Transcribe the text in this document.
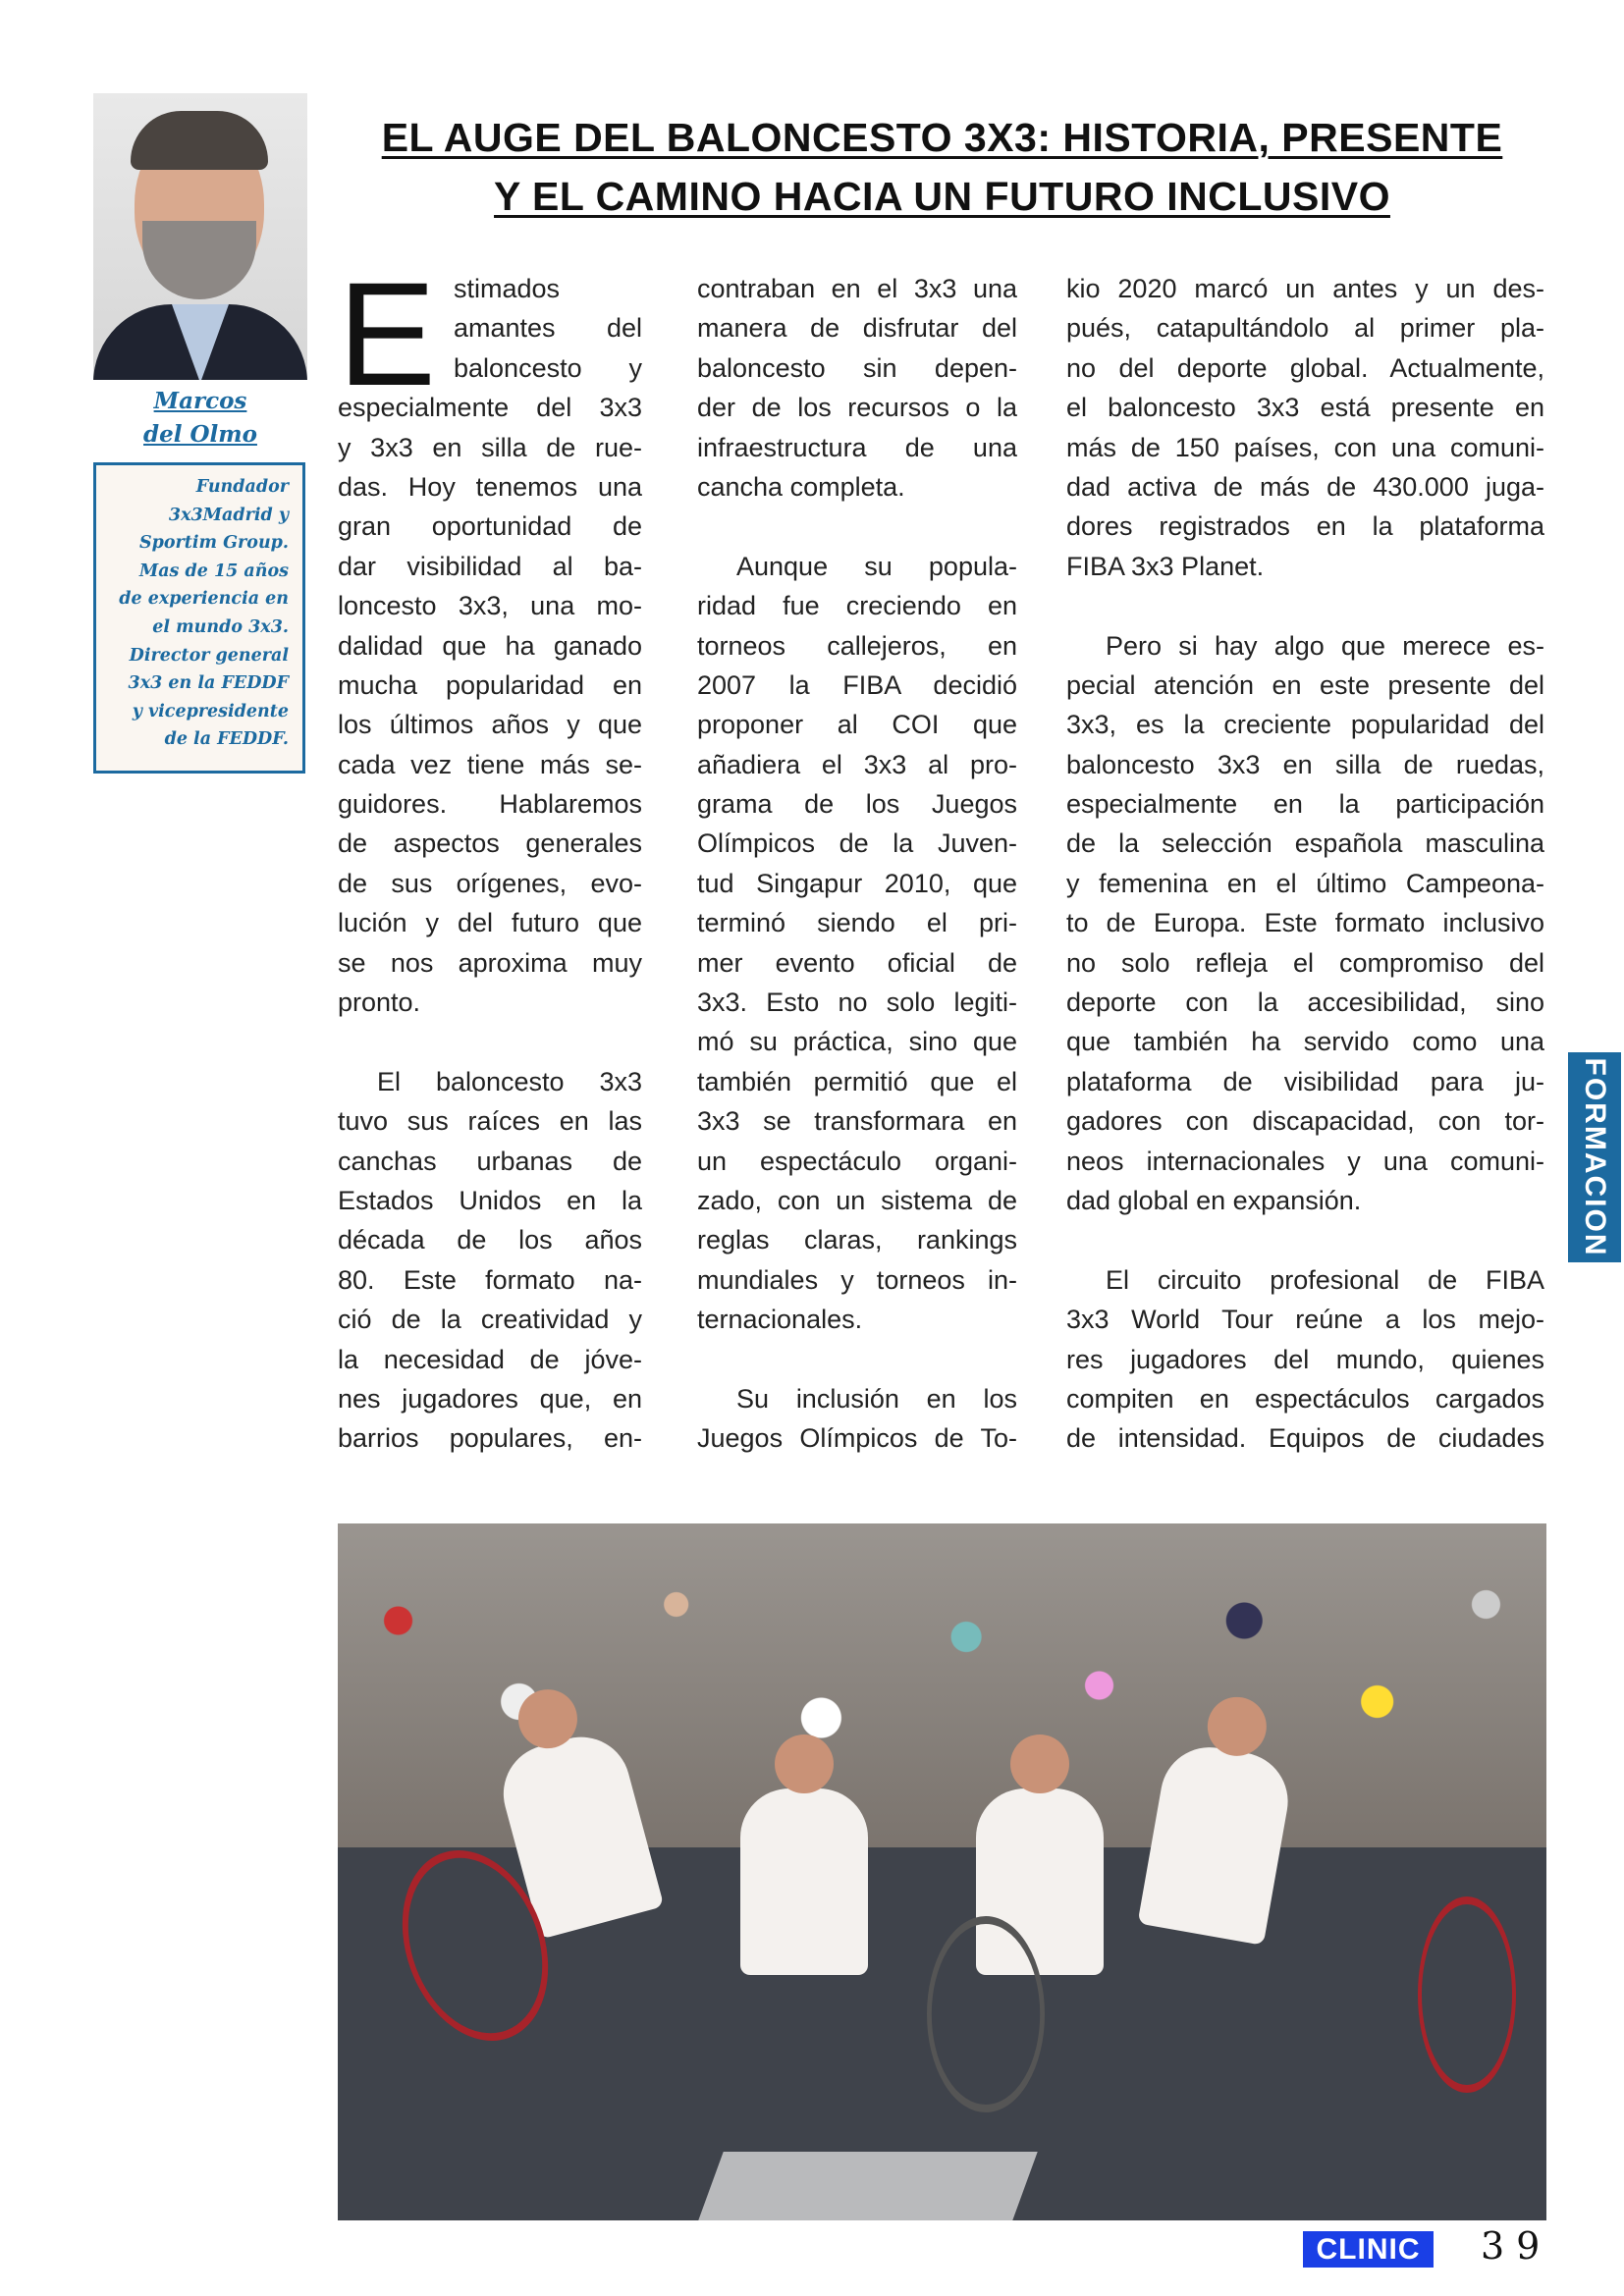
Marcos
del Olmo
Fundador
3x3Madrid y
Sportim Group.
Mas de 15 años
de experiencia en
el mundo 3x3.
Director general
3x3 en la FEDDF
y vicepresidente
de la FEDDF.
EL AUGE DEL BALONCESTO 3X3: HISTORIA, PRESENTE
Y EL CAMINO HACIA UN FUTURO INCLUSIVO
E stimados
amantes del
baloncesto y
especialmente del 3x3
y 3x3 en silla de rue-
das. Hoy tenemos una
gran oportunidad de
dar visibilidad al ba-
loncesto 3x3, una mo-
dalidad que ha ganado
mucha popularidad en
los últimos años y que
cada vez tiene más se-
guidores. Hablaremos
de aspectos generales
de sus orígenes, evo-
lución y del futuro que
se nos aproxima muy
pronto.
El baloncesto 3x3
tuvo sus raíces en las
canchas urbanas de
Estados Unidos en la
década de los años
80. Este formato na-
ció de la creatividad y
la necesidad de jóve-
nes jugadores que, en
barrios populares, en-
contraban en el 3x3 una
manera de disfrutar del
baloncesto sin depen-
der de los recursos o la
infraestructura de una
cancha completa.
Aunque su popula-
ridad fue creciendo en
torneos callejeros, en
2007 la FIBA decidió
proponer al COI que
añadiera el 3x3 al pro-
grama de los Juegos
Olímpicos de la Juven-
tud Singapur 2010, que
terminó siendo el pri-
mer evento oficial de
3x3. Esto no solo legiti-
mó su práctica, sino que
también permitió que el
3x3 se transformara en
un espectáculo organi-
zado, con un sistema de
reglas claras, rankings
mundiales y torneos in-
ternacionales.
Su inclusión en los
Juegos Olímpicos de To-
kio 2020 marcó un antes y un des-
pués, catapultándolo al primer pla-
no del deporte global. Actualmente,
el baloncesto 3x3 está presente en
más de 150 países, con una comuni-
dad activa de más de 430.000 juga-
dores registrados en la plataforma
FIBA 3x3 Planet.
Pero si hay algo que merece es-
pecial atención en este presente del
3x3, es la creciente popularidad del
baloncesto 3x3 en silla de ruedas,
especialmente en la participación
de la selección española masculina
y femenina en el último Campeona-
to de Europa. Este formato inclusivo
no solo refleja el compromiso del
deporte con la accesibilidad, sino
que también ha servido como una
plataforma de visibilidad para ju-
gadores con discapacidad, con tor-
neos internacionales y una comuni-
dad global en expansión.
El circuito profesional de FIBA
3x3 World Tour reúne a los mejo-
res jugadores del mundo, quienes
compiten en espectáculos cargados
de intensidad. Equipos de ciudades
FORMACION
CLINIC	39
